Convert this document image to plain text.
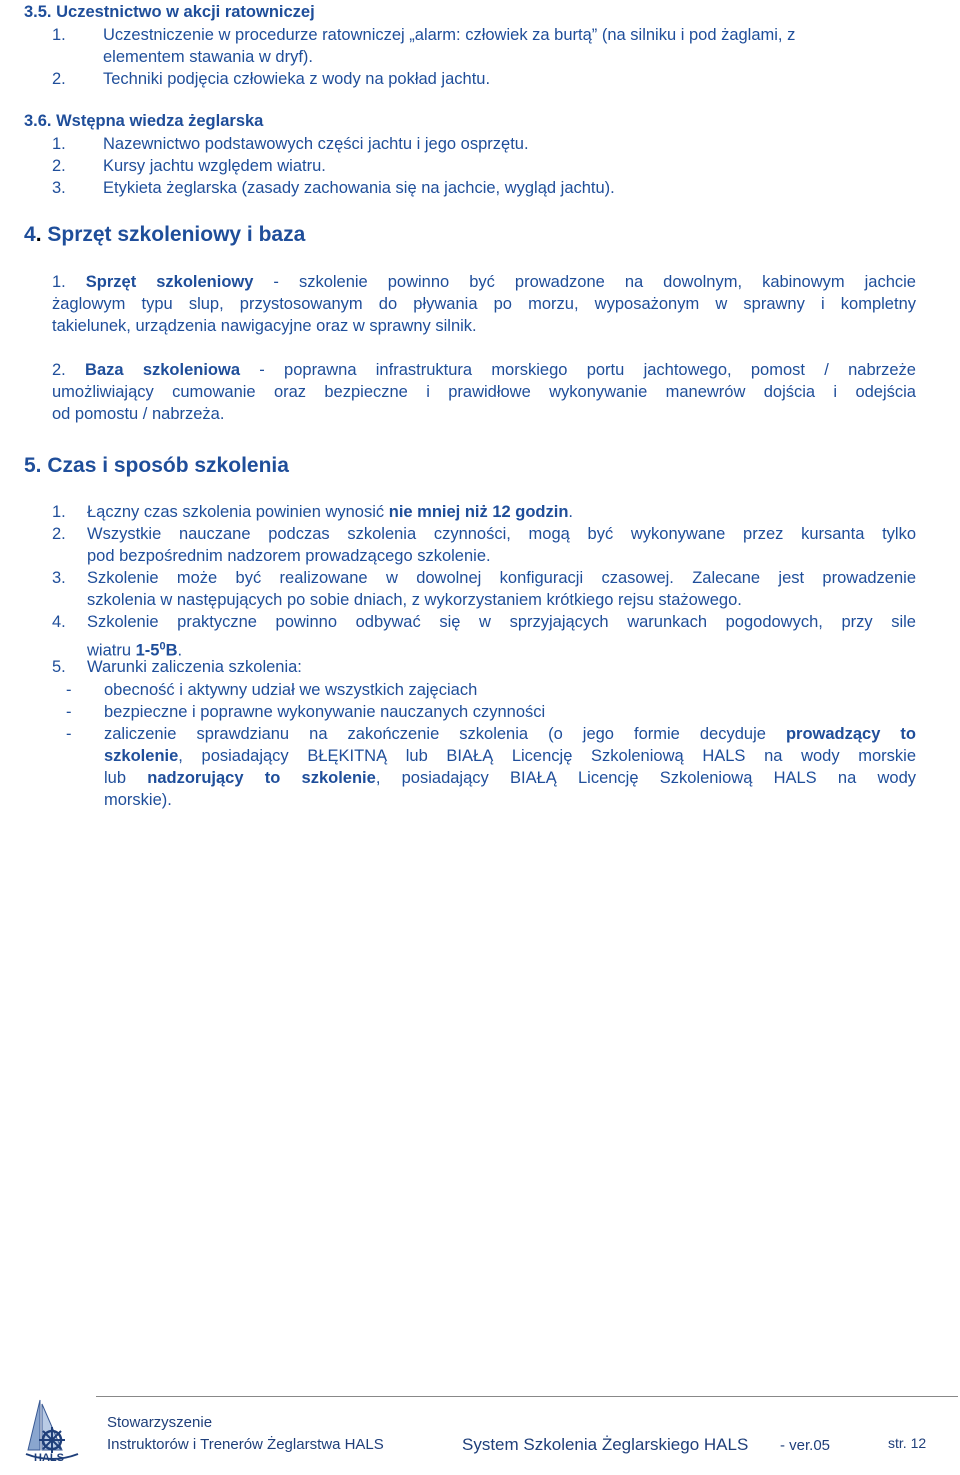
3.5. Uczestnictwo w akcji ratowniczej
1. Uczestniczenie w procedurze ratowniczej „alarm: człowiek za burtą” (na silniku i pod żaglami, z
elementem stawania w dryf).
2. Techniki podjęcia człowieka z wody na pokład jachtu.
3.6. Wstępna wiedza żeglarska
1. Nazewnictwo podstawowych części jachtu i jego osprzętu.
2. Kursy jachtu względem wiatru.
3. Etykieta żeglarska (zasady zachowania się na jachcie, wygląd jachtu).
4. Sprzęt szkoleniowy i baza
1. Sprzęt szkoleniowy - szkolenie powinno być prowadzone na dowolnym, kabinowym jachcie
żaglowym typu slup, przystosowanym do pływania po morzu, wyposażonym w sprawny i kompletny
takielunek, urządzenia nawigacyjne oraz w sprawny silnik.
2. Baza szkoleniowa - poprawna infrastruktura morskiego portu jachtowego, pomost / nabrzeże
umożliwiający cumowanie oraz bezpieczne i prawidłowe wykonywanie manewrów dojścia i odejścia
od pomostu / nabrzeża.
5. Czas i sposób szkolenia
1. Łączny czas szkolenia powinien wynosić nie mniej niż 12 godzin.
2. Wszystkie nauczane podczas szkolenia czynności, mogą być wykonywane przez kursanta tylko
pod bezpośrednim nadzorem prowadzącego szkolenie.
3. Szkolenie może być realizowane w dowolnej konfiguracji czasowej. Zalecane jest prowadzenie
szkolenia w następujących po sobie dniach, z wykorzystaniem krótkiego rejsu stażowego.
4. Szkolenie praktyczne powinno odbywać się w sprzyjających warunkach pogodowych, przy sile
wiatru $1-5^0B$.
5. Warunki zaliczenia szkolenia:
- obecność i aktywny udział we wszystkich zajęciach
- bezpieczne i poprawne wykonywanie nauczanych czynności
- zaliczenie sprawdzianu na zakończenie szkolenia (o jego formie decyduje prowadzący to
szkolenie, posiadający BŁĘKITNĄ lub BIAŁĄ Licencję Szkoleniową HALS na wody morskie
lub nadzorujący to szkolenie, posiadający BIAŁĄ Licencję Szkoleniową HALS na wody
morskie).
HALS
Stowarzyszenie
Instruktorów i Trenerów Żeglarstwa HALS	System Szkolenia Żeglarskiego HALS - ver.05	str. 12
